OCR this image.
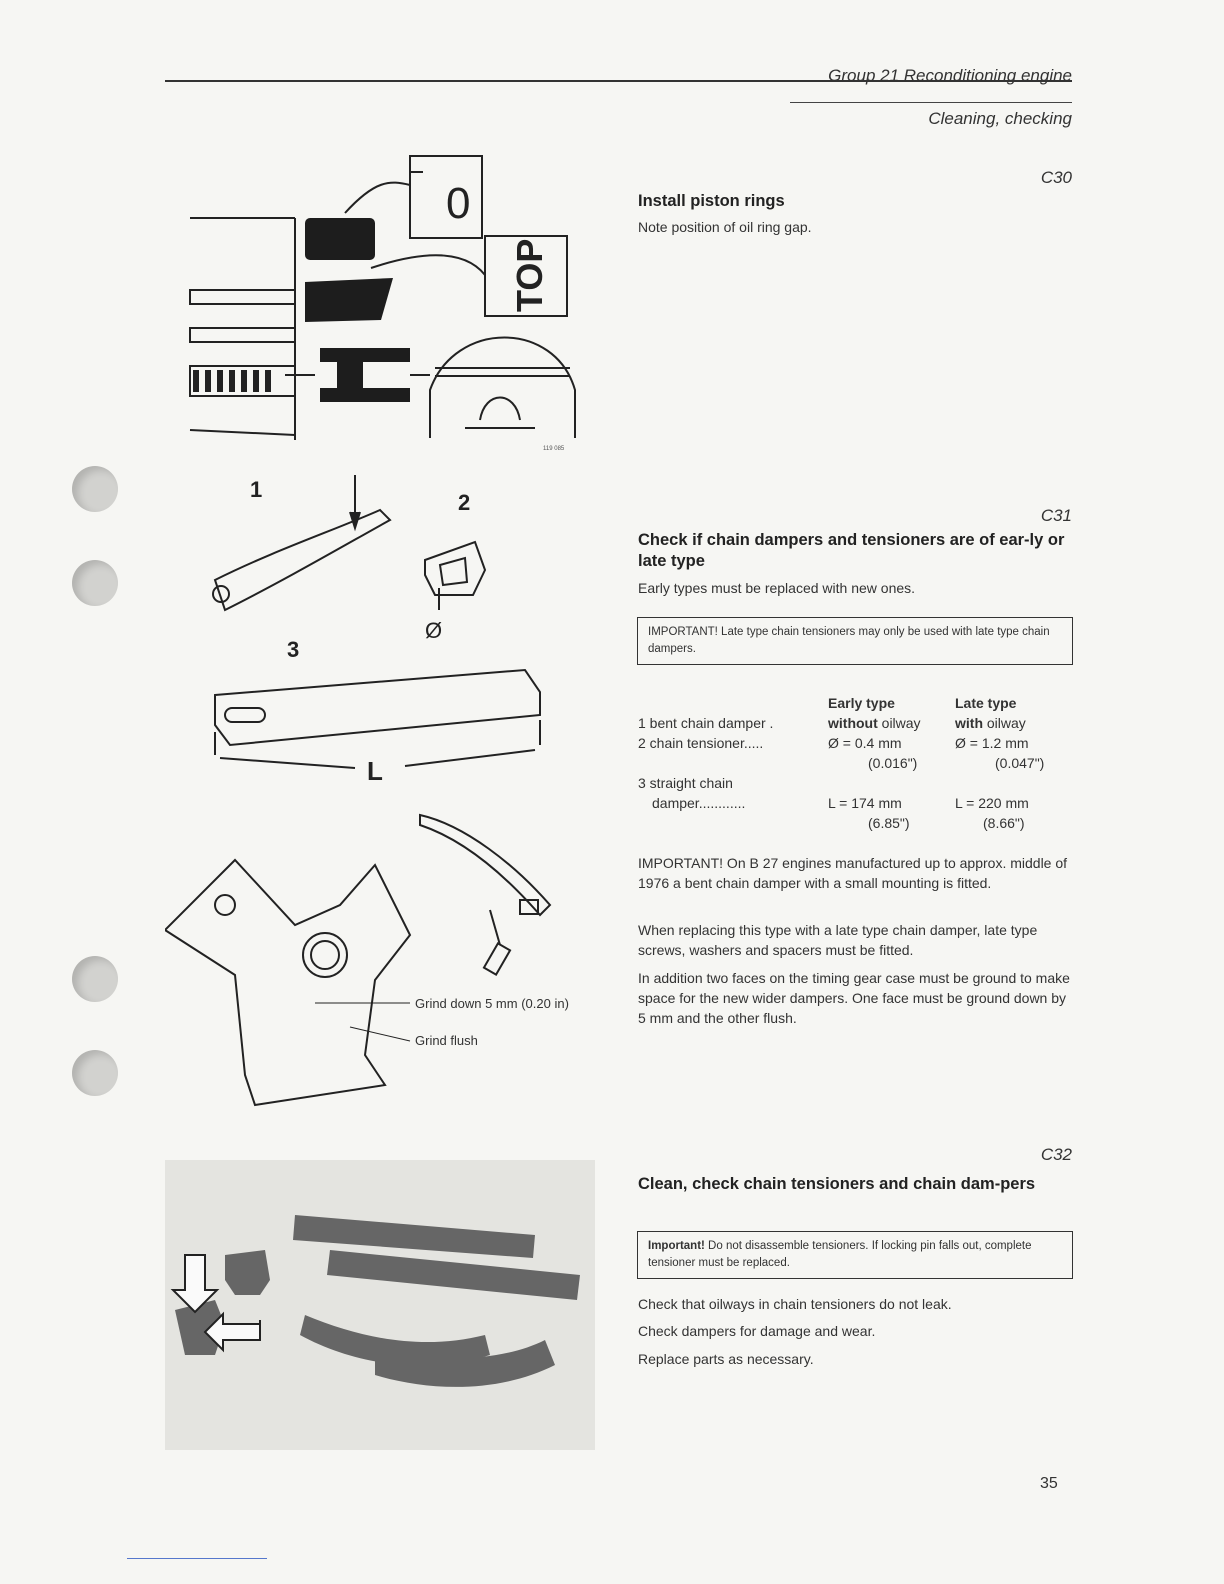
Group 21 Reconditioning engine
Cleaning, checking
0
TOP
119 085
1
2
3
Ø
L
Grind down 5 mm (0.20 in)
Grind flush
C30
Install piston rings
Note position of oil ring gap.
C31
Check if chain dampers and tensioners are of ear-ly or late type
Early types must be replaced with new ones.
IMPORTANT! Late type chain tensioners may only be used with late type chain dampers.
	Early type	Late type
1 bent chain damper .	without oilway	with oilway
2 chain tensioner.....	Ø = 0.4 mm	Ø = 1.2 mm
	(0.016")	(0.047")
3 straight chain		
damper............	L = 174 mm	L = 220 mm
	(6.85")	(8.66")
IMPORTANT! On B 27 engines manufactured up to approx. middle of 1976 a bent chain damper with a small mounting is fitted.
When replacing this type with a late type chain damper, late type screws, washers and spacers must be fitted.
In addition two faces on the timing gear case must be ground to make space for the new wider dampers. One face must be ground down by 5 mm and the other flush.
C32
Clean, check chain tensioners and chain dam-pers
Important! Do not disassemble tensioners. If locking pin falls out, complete tensioner must be replaced.
Check that oilways in chain tensioners do not leak.
Check dampers for damage and wear.
Replace parts as necessary.
35
